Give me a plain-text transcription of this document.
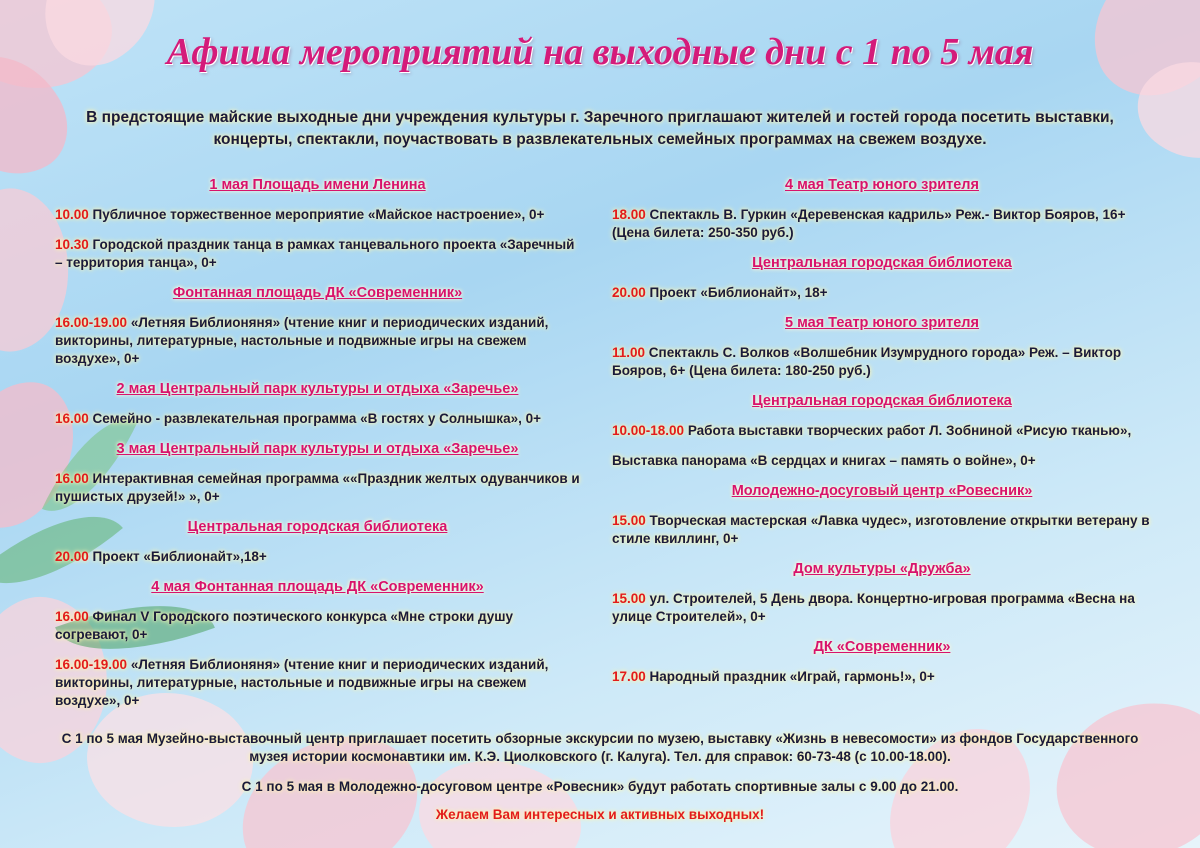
Афиша мероприятий на выходные дни с 1 по 5 мая
В предстоящие майские выходные дни учреждения культуры г. Заречного приглашают жителей и гостей города посетить выставки, концерты, спектакли, поучаствовать в развлекательных семейных программах на свежем воздухе.
1 мая Площадь имени Ленина
10.00 Публичное торжественное мероприятие «Майское настроение», 0+
10.30 Городской праздник танца в рамках танцевального проекта «Заречный – территория танца», 0+
Фонтанная площадь ДК «Современник»
16.00-19.00 «Летняя Библионяня» (чтение книг и периодических изданий, викторины, литературные, настольные и подвижные игры на свежем воздухе», 0+
2 мая Центральный парк культуры и отдыха «Заречье»
16.00 Семейно - развлекательная программа «В гостях у Солнышка», 0+
3 мая Центральный парк культуры и отдыха «Заречье»
16.00 Интерактивная семейная программа ««Праздник желтых одуванчиков и пушистых друзей!» », 0+
Центральная городская библиотека
20.00 Проект «Библионайт»,18+
4 мая Фонтанная площадь ДК «Современник»
16.00 Финал V Городского поэтического конкурса «Мне строки душу согревают, 0+
16.00-19.00 «Летняя Библионяня» (чтение книг и периодических изданий, викторины, литературные, настольные и подвижные игры на свежем воздухе», 0+
4 мая Театр юного зрителя
18.00 Спектакль В. Гуркин «Деревенская кадриль» Реж.- Виктор Бояров, 16+ (Цена билета: 250-350 руб.)
Центральная городская библиотека
20.00 Проект «Библионайт», 18+
5 мая Театр юного зрителя
11.00 Спектакль С. Волков «Волшебник Изумрудного города» Реж. – Виктор Бояров, 6+ (Цена билета: 180-250 руб.)
Центральная городская библиотека
10.00-18.00 Работа выставки творческих работ Л. Зобниной «Рисую тканью»,
Выставка панорама «В сердцах и книгах – память о войне», 0+
Молодежно-досуговый центр «Ровесник»
15.00 Творческая мастерская «Лавка чудес», изготовление открытки ветерану в стиле квиллинг, 0+
Дом культуры «Дружба»
15.00 ул. Строителей, 5 День двора. Концертно-игровая программа «Весна на улице Строителей», 0+
ДК «Современник»
17.00 Народный праздник «Играй, гармонь!», 0+
С 1 по 5 мая Музейно-выставочный центр приглашает посетить обзорные экскурсии по музею, выставку «Жизнь в невесомости» из фондов Государственного музея истории космонавтики им. К.Э. Циолковского (г. Калуга). Тел. для справок: 60-73-48 (с 10.00-18.00).
С 1 по 5 мая в Молодежно-досуговом центре «Ровесник» будут работать спортивные залы с 9.00 до 21.00.
Желаем Вам интересных и активных выходных!
